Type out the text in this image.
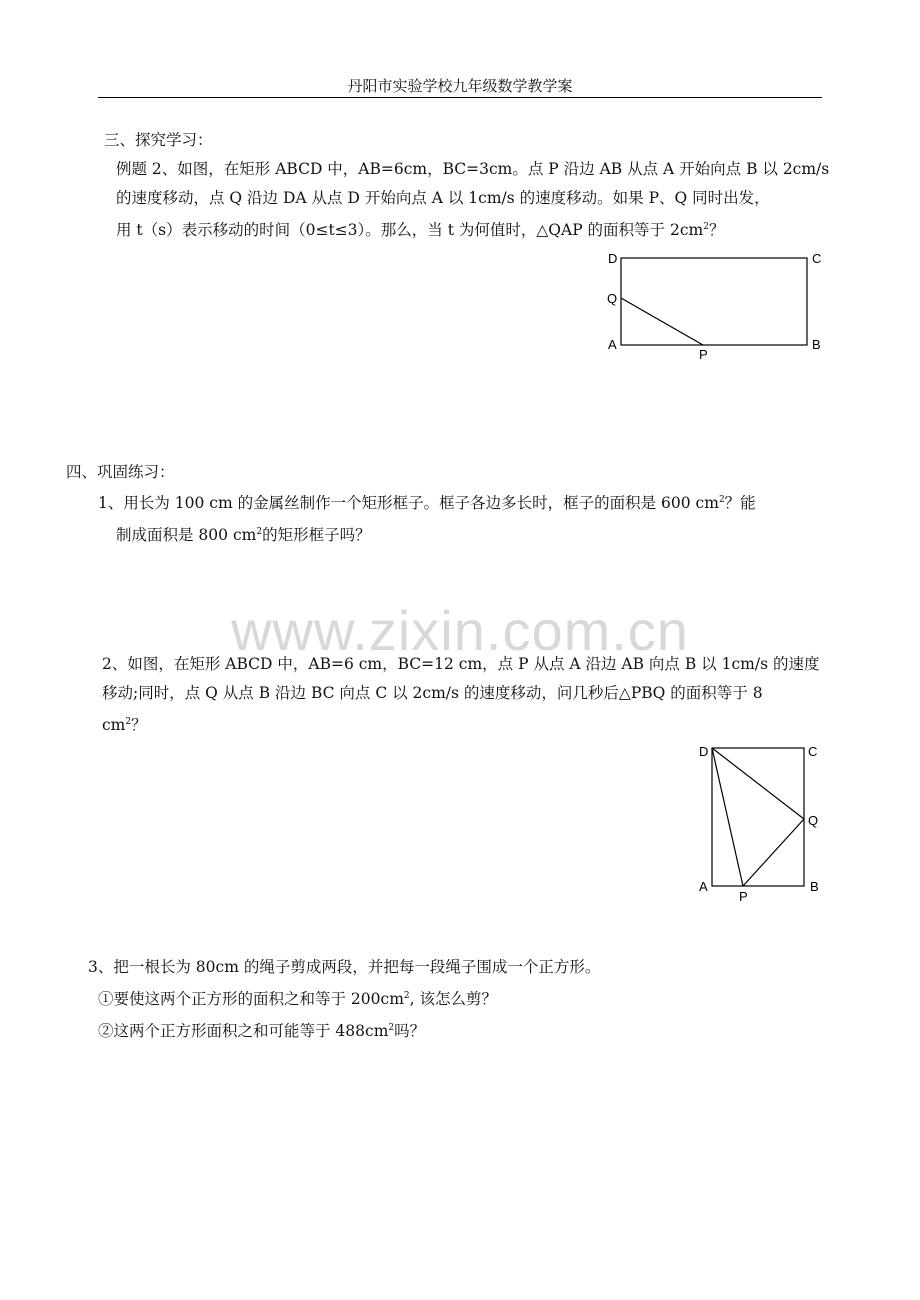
丹阳市实验学校九年级数学教学案
三、探究学习：
例题 2、如图，在矩形 ABCD 中，AB=6cm，BC=3cm。点 P 沿边 AB 从点 A 开始向点 B 以 2cm/s
的速度移动，点 Q 沿边 DA 从点 D 开始向点 A 以 1cm/s 的速度移动。如果 P、Q 同时出发，
用 t（s）表示移动的时间（0≤t≤3）。那么，当 t 为何值时，△QAP 的面积等于 $2cm^2$？
D	C
Q
A
P
B
四、巩固练习：
1、用长为 100 cm 的金属丝制作一个矩形框子。框子各边多长时，框子的面积是 600 $cm^2$？能
制成面积是 800 $cm^2$的矩形框子吗？
www.zixin.com.cn
2、如图，在矩形 ABCD 中，AB=6 cm，BC=12 cm，点 P 从点 A 沿边 AB 向点 B 以 1cm/s 的速度
移动;同时，点 Q 从点 B 沿边 BC 向点 C 以 2cm/s 的速度移动，问几秒后△PBQ 的面积等于 8
$cm^2$？
D	C
Q
A
P
B
3、把一根长为 80cm 的绳子剪成两段，并把每一段绳子围成一个正方形。
①要使这两个正方形的面积之和等于 $200cm^2$, 该怎么剪？
②这两个正方形面积之和可能等于 $488cm^2$吗？
